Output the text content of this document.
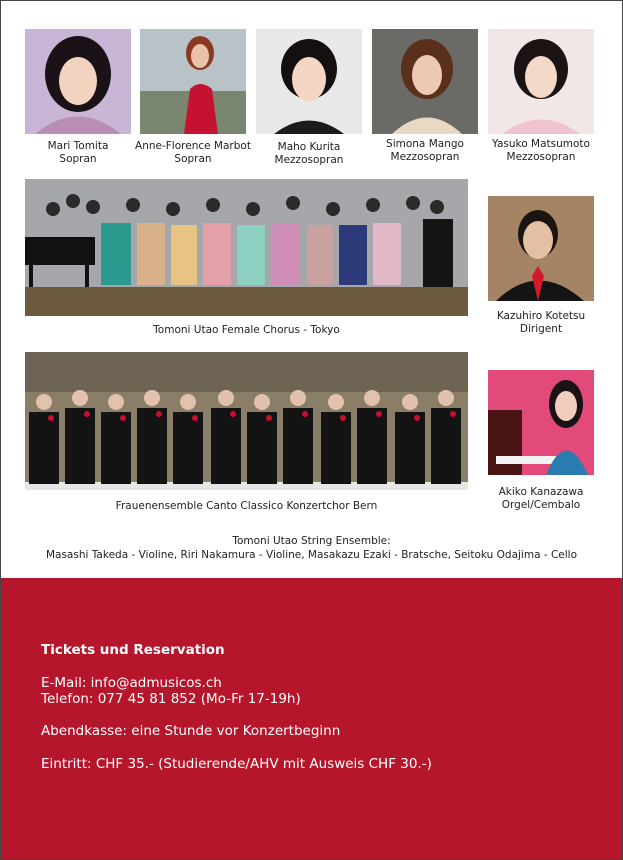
Mari Tomita
Sopran
Anne-Florence Marbot
Sopran
Maho Kurita
Mezzosopran
Simona Mango
Mezzosopran
Yasuko Matsumoto
Mezzosopran
Tomoni Utao Female Chorus - Tokyo
Kazuhiro Kotetsu
Dirigent
Frauenensemble Canto Classico Konzertchor Bern
Akiko Kanazawa
Orgel/Cembalo
Tomoni Utao String Ensemble:
Masashi Takeda - Violine, Riri Nakamura - Violine, Masakazu Ezaki - Bratsche, Seitoku Odajima - Cello
Tickets und Reservation
E-Mail: info@admusicos.ch
Telefon: 077 45 81 852 (Mo-Fr 17-19h)
Abendkasse: eine Stunde vor Konzertbeginn
Eintritt: CHF 35.- (Studierende/AHV mit Ausweis CHF 30.-)
